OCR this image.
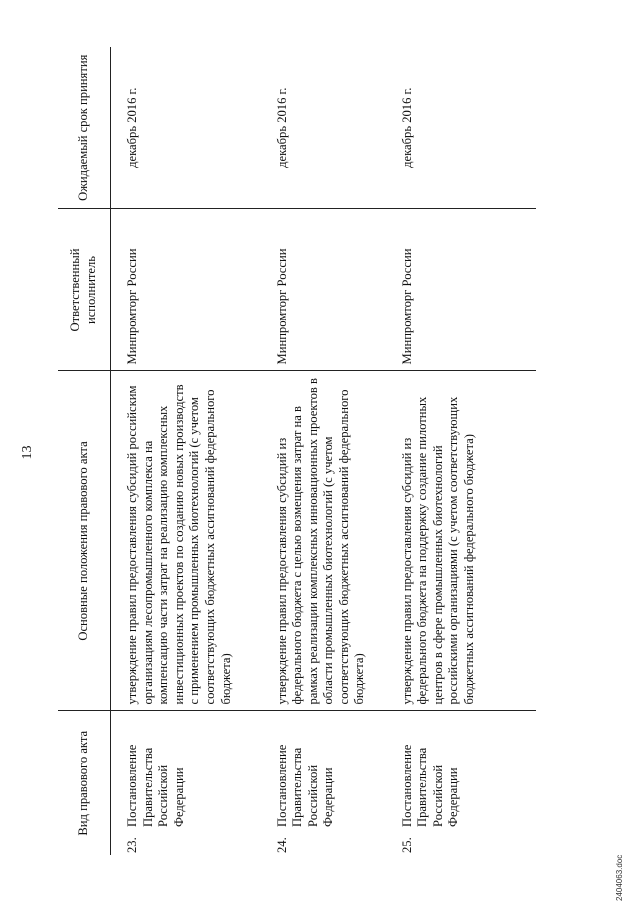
13
Вид правового акта		Основные положения правового акта	Ответственный исполнитель	Ожидаемый срок принятия
23.	Постановление Правительства Российской Федерации	утверждение правил предоставления субсидий российским организациям лесопромышленного комплекса на компенсацию части затрат на реализацию комплексных инвестиционных проектов по созданию новых производств с применением промышленных биотехнологий (с учетом соответствующих бюджетных ассигнований федерального бюджета)	Минпромторг России	декабрь 2016 г.
24.	Постановление Правительства Российской Федерации	утверждение правил предоставления субсидий из федерального бюджета с целью возмещения затрат на в рамках реализации комплексных инновационных проектов в области промышленных биотехнологий (с учетом соответствующих бюджетных ассигнований федерального бюджета)	Минпромторг России	декабрь 2016 г.
25.	Постановление Правительства Российской Федерации	утверждение правил предоставления субсидий из федерального бюджета на поддержку создание пилотных центров в сфере промышленных биотехнологий российскими организациями (с учетом соответствующих бюджетных ассигнований федерального бюджета)	Минпромторг России	декабрь 2016 г.
2404063.doc
